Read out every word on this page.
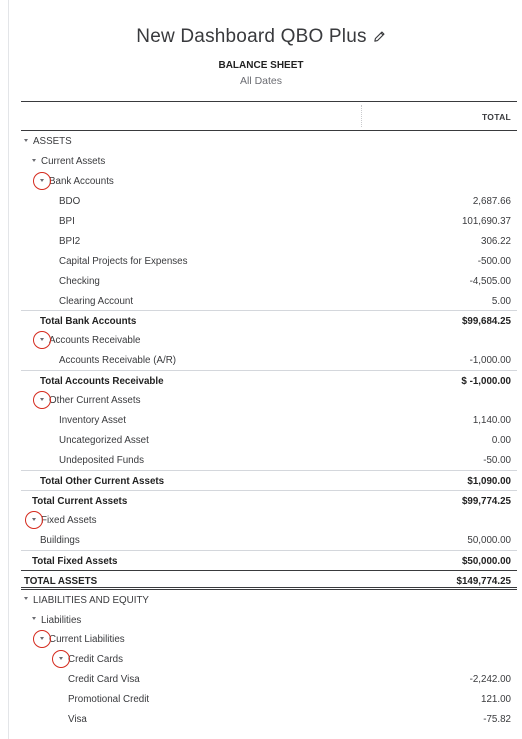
New Dashboard QBO Plus
BALANCE SHEET
All Dates
TOTAL
ASSETS
Current Assets
Bank Accounts
BDO	2,687.66
BPI	101,690.37
BPI2	306.22
Capital Projects for Expenses	-500.00
Checking	-4,505.00
Clearing Account	5.00
Total Bank Accounts	$99,684.25
Accounts Receivable
Accounts Receivable (A/R)	-1,000.00
Total Accounts Receivable	$ -1,000.00
Other Current Assets
Inventory Asset	1,140.00
Uncategorized Asset	0.00
Undeposited Funds	-50.00
Total Other Current Assets	$1,090.00
Total Current Assets	$99,774.25
Fixed Assets
Buildings	50,000.00
Total Fixed Assets	$50,000.00
TOTAL ASSETS	$149,774.25
LIABILITIES AND EQUITY
Liabilities
Current Liabilities
Credit Cards
Credit Card Visa	-2,242.00
Promotional Credit	121.00
Visa	-75.82
